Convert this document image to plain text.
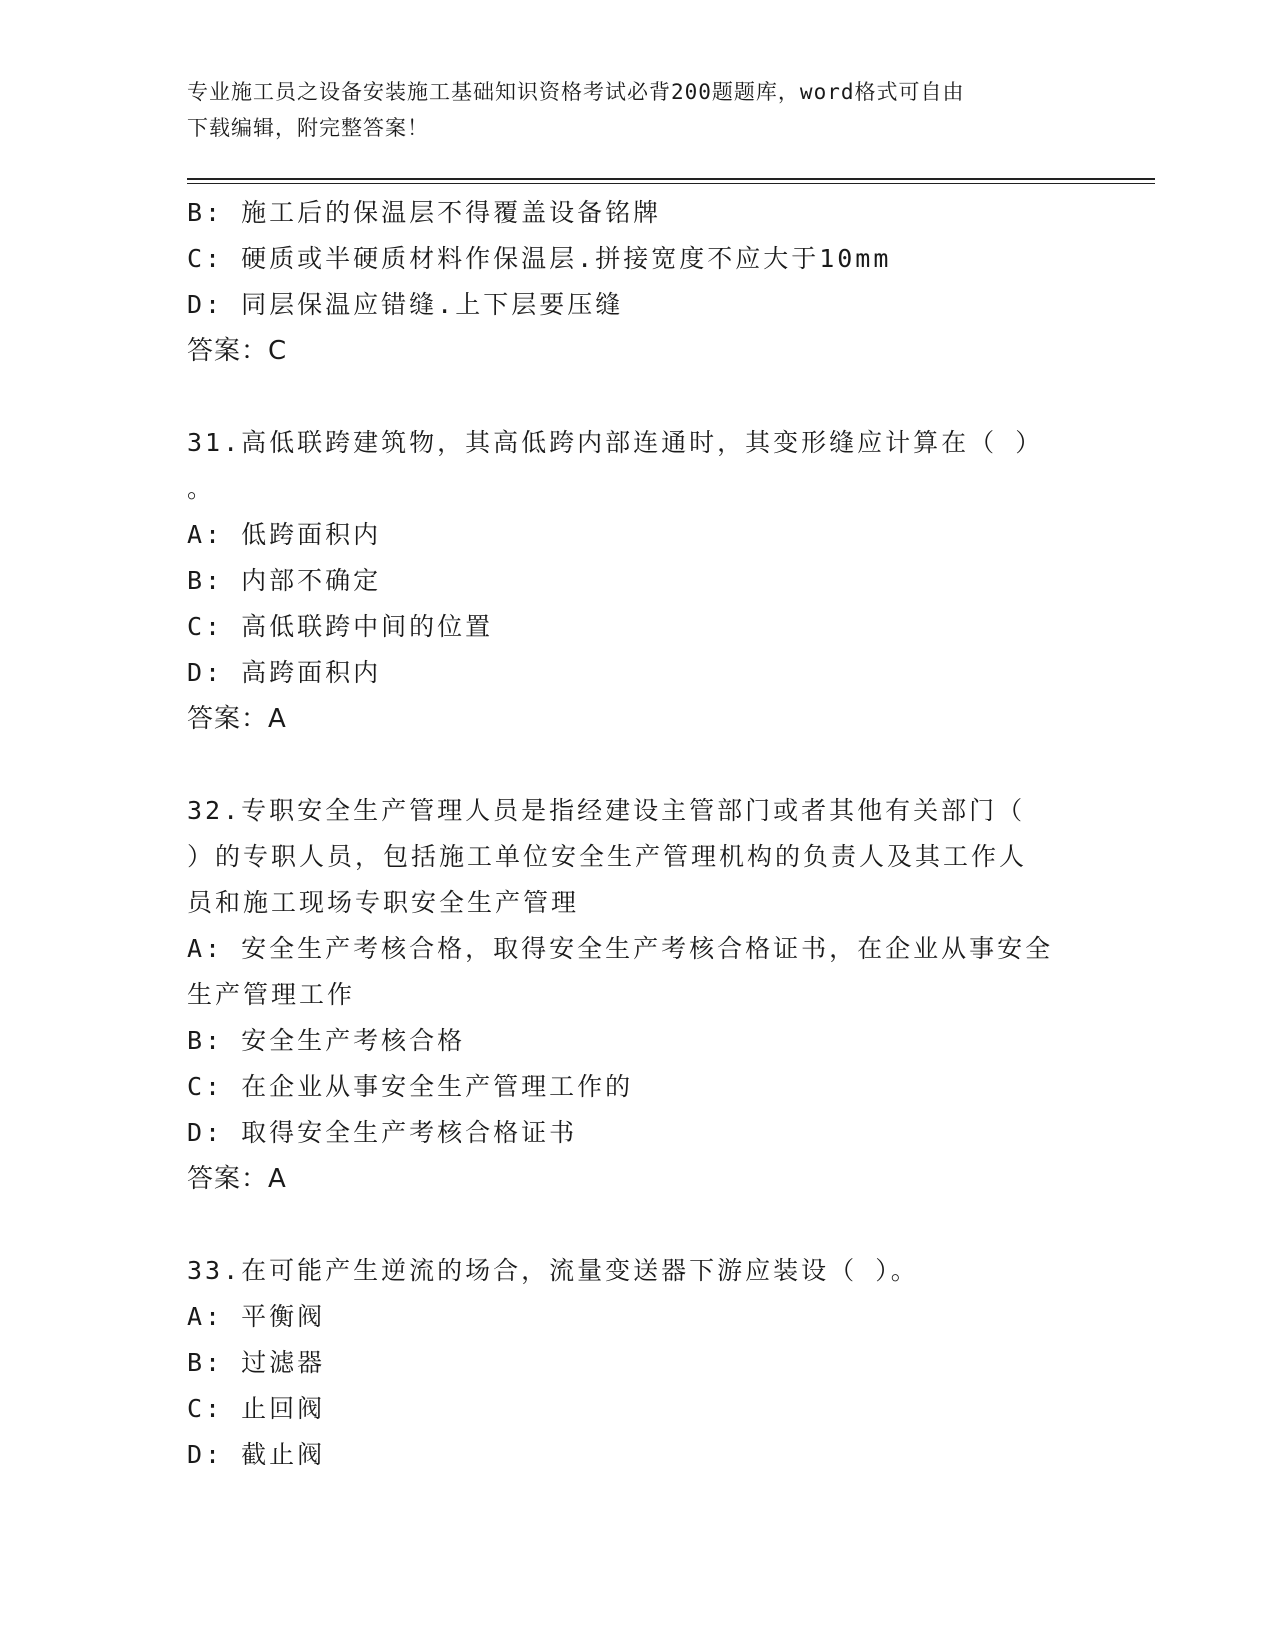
专业施工员之设备安装施工基础知识资格考试必背200题题库，word格式可自由
下载编辑，附完整答案！
B: 施工后的保温层不得覆盖设备铭牌
C: 硬质或半硬质材料作保温层.拼接宽度不应大于10mm
D: 同层保温应错缝.上下层要压缝
答案：C
31.高低联跨建筑物，其高低跨内部连通时，其变形缝应计算在（ ）
。
A: 低跨面积内
B: 内部不确定
C: 高低联跨中间的位置
D: 高跨面积内
答案：A
32.专职安全生产管理人员是指经建设主管部门或者其他有关部门（
）的专职人员，包括施工单位安全生产管理机构的负责人及其工作人
员和施工现场专职安全生产管理
A: 安全生产考核合格，取得安全生产考核合格证书，在企业从事安全
生产管理工作
B: 安全生产考核合格
C: 在企业从事安全生产管理工作的
D: 取得安全生产考核合格证书
答案：A
33.在可能产生逆流的场合，流量变送器下游应装设（ ）。
A: 平衡阀
B: 过滤器
C: 止回阀
D: 截止阀
